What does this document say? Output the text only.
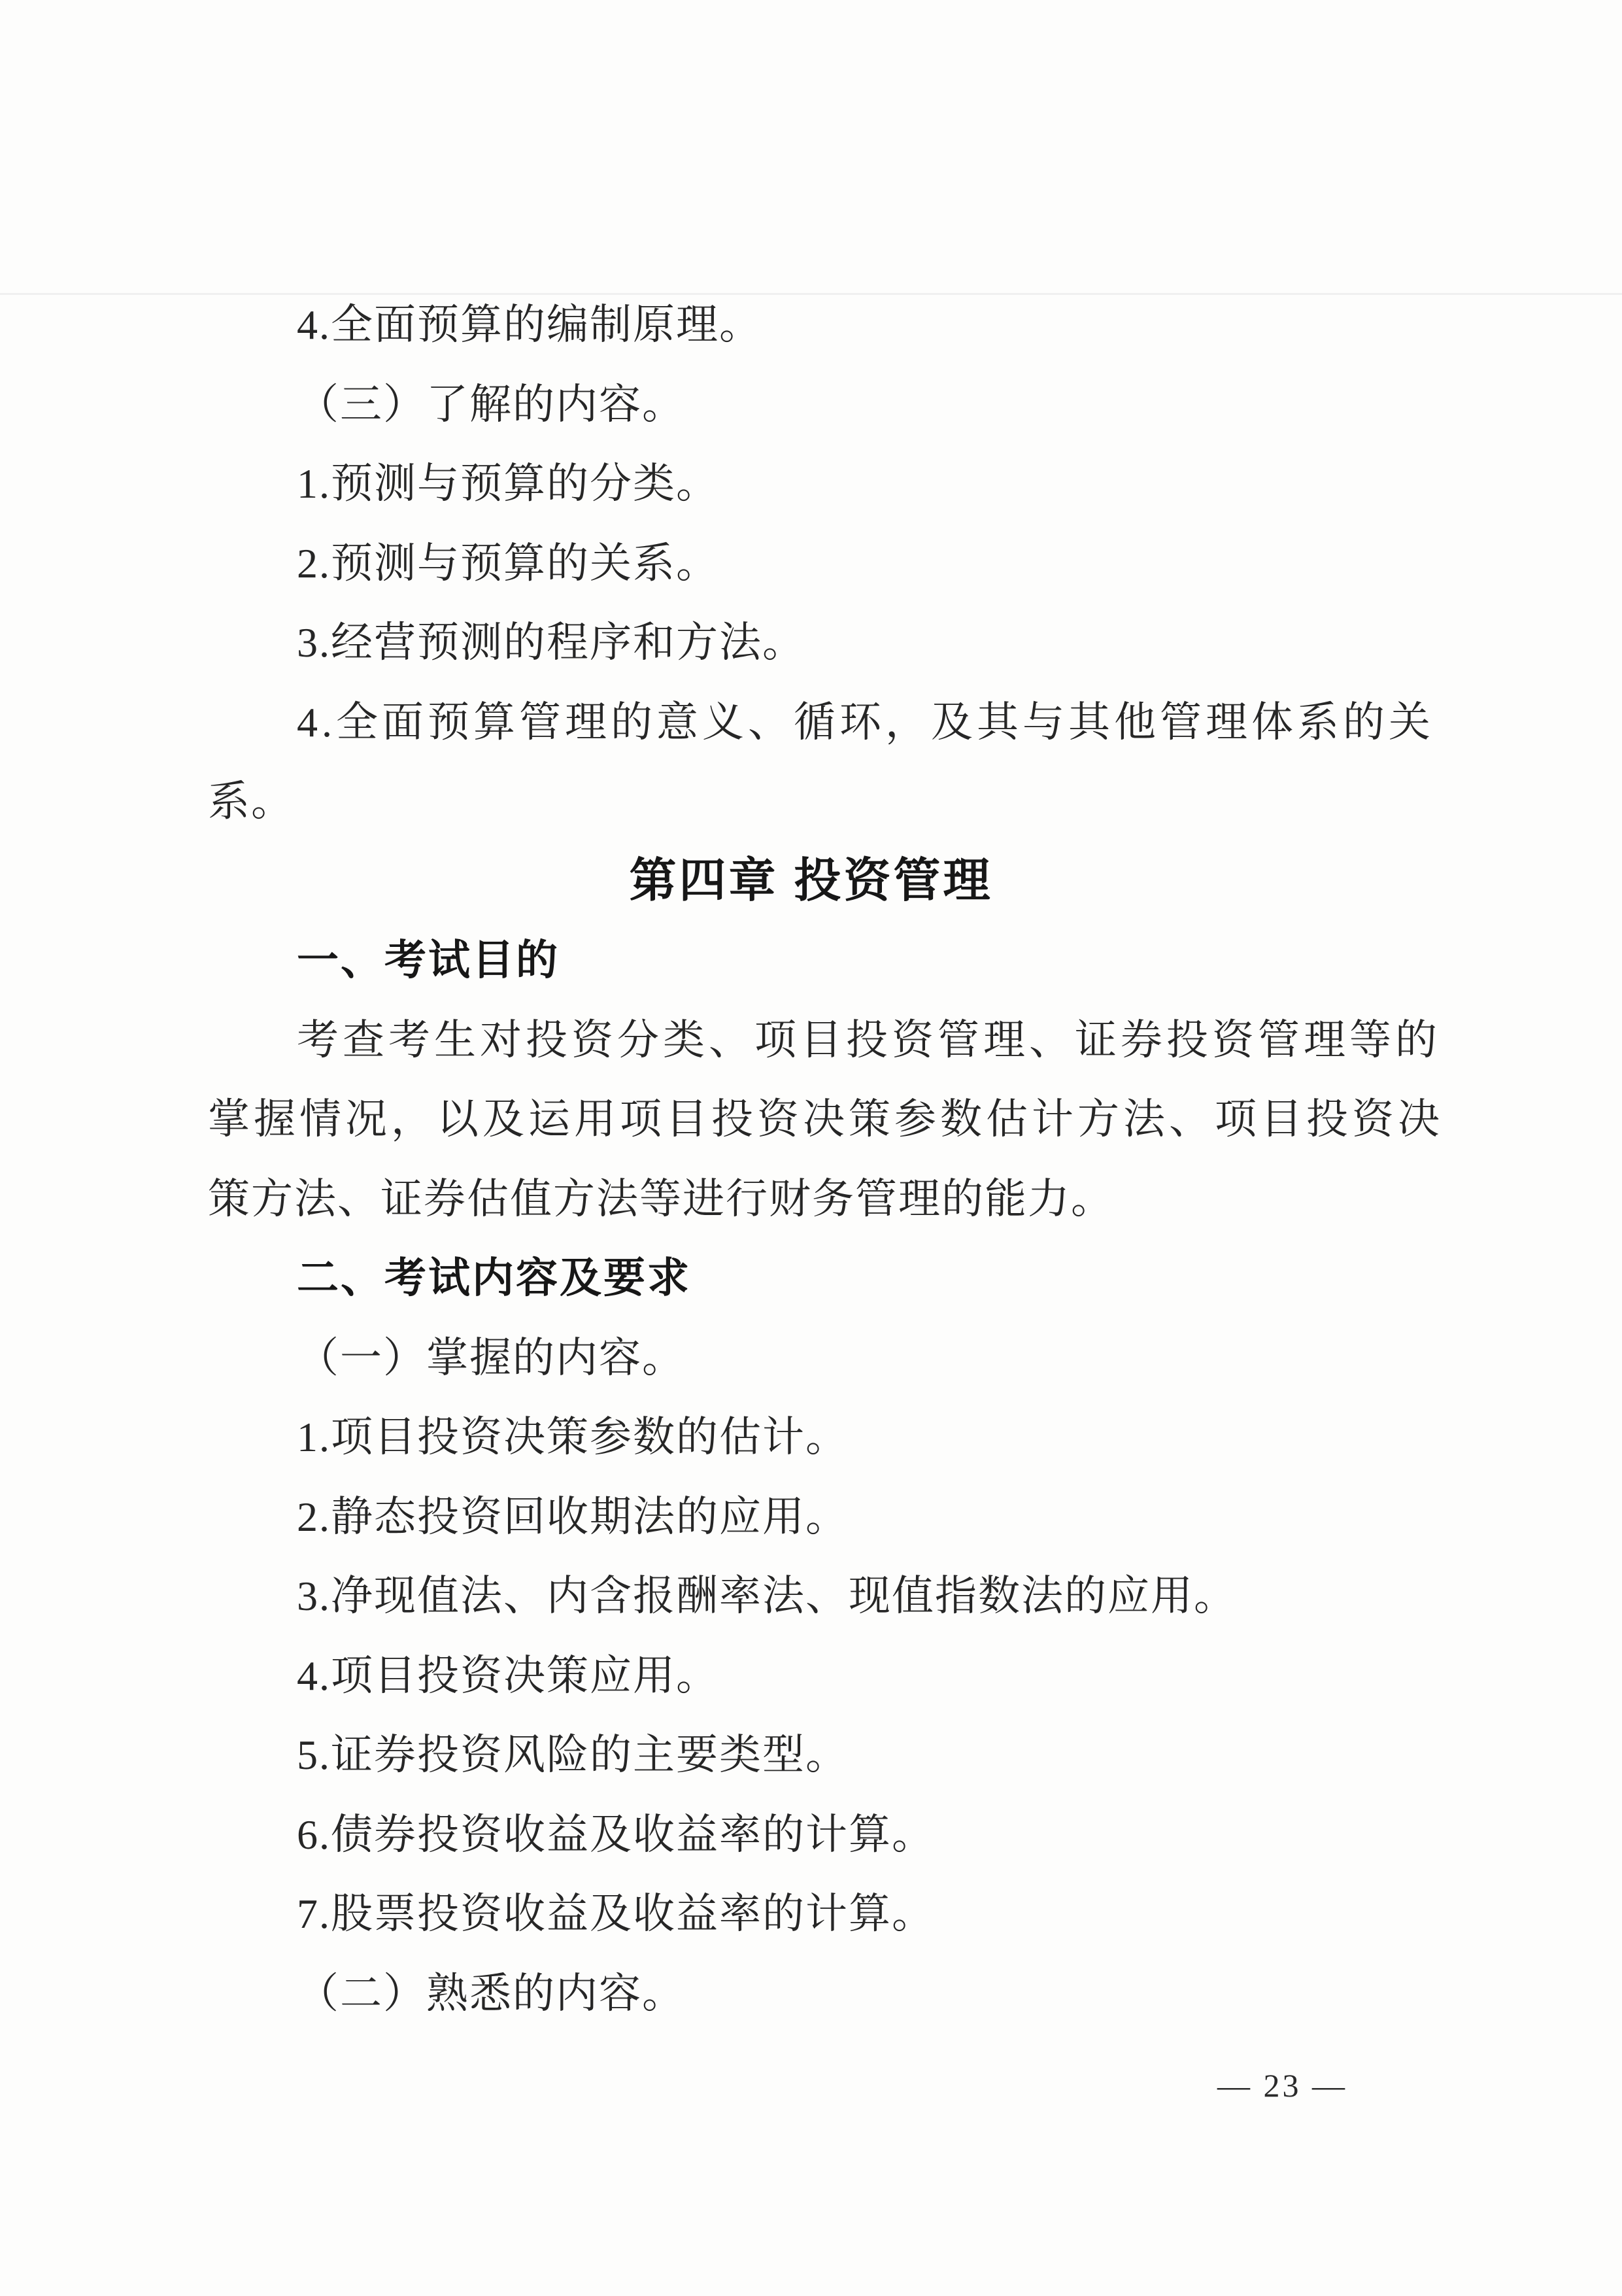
4.全面预算的编制原理。
（三）了解的内容。
1.预测与预算的分类。
2.预测与预算的关系。
3.经营预测的程序和方法。
4.全面预算管理的意义、循环，及其与其他管理体系的关
系。
第四章 投资管理
一、考试目的
考查考生对投资分类、项目投资管理、证券投资管理等的
掌握情况，以及运用项目投资决策参数估计方法、项目投资决
策方法、证券估值方法等进行财务管理的能力。
二、考试内容及要求
（一）掌握的内容。
1.项目投资决策参数的估计。
2.静态投资回收期法的应用。
3.净现值法、内含报酬率法、现值指数法的应用。
4.项目投资决策应用。
5.证券投资风险的主要类型。
6.债券投资收益及收益率的计算。
7.股票投资收益及收益率的计算。
（二）熟悉的内容。
— 23 —
